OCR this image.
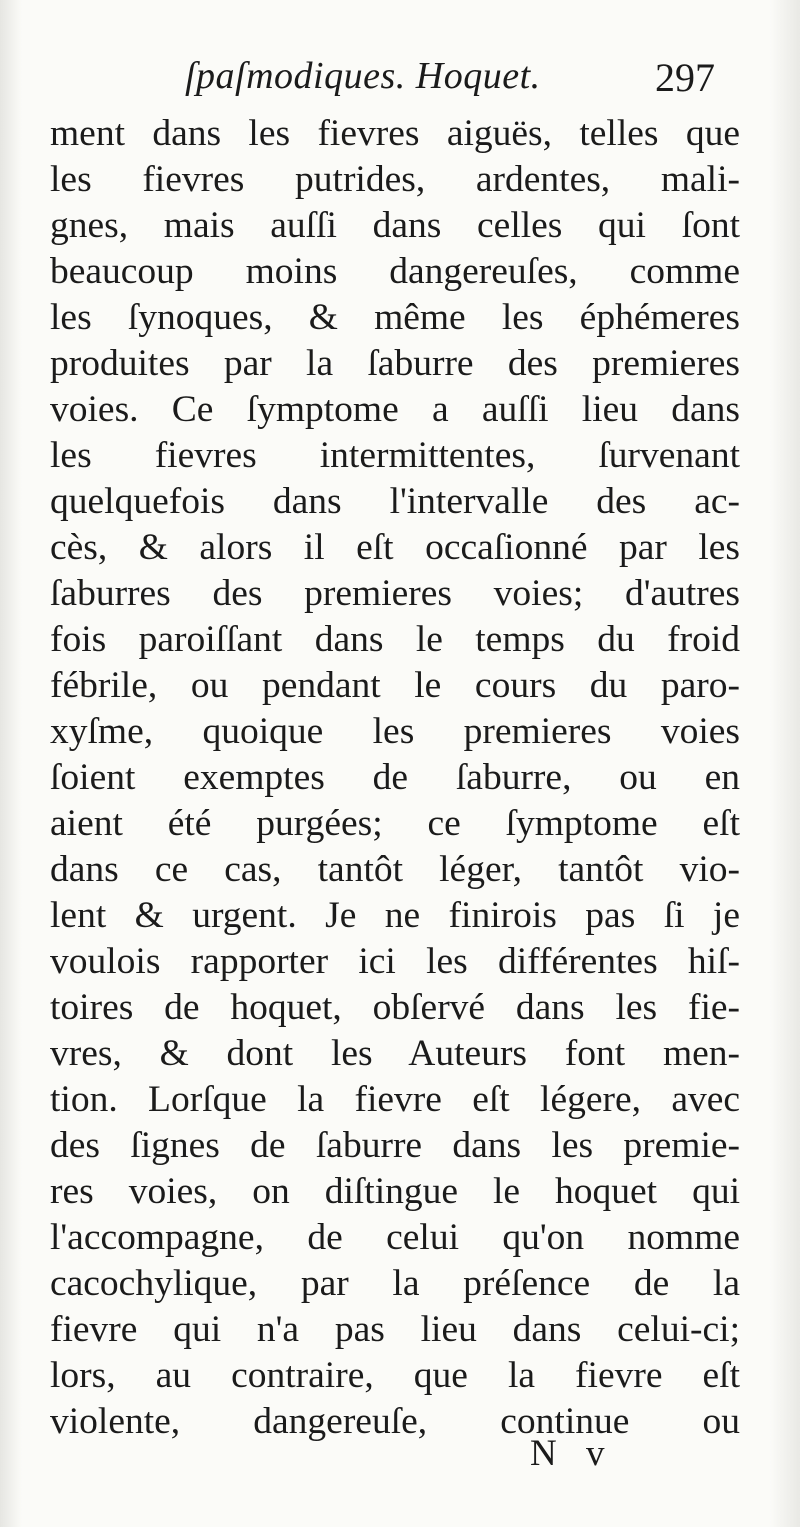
ſpaſmodiques. Hoquet.	297
ment dans les fievres aiguës, telles que
les fievres putrides, ardentes, mali-
gnes, mais auſſi dans celles qui ſont
beaucoup moins dangereuſes, comme
les ſynoques, & même les éphémeres
produites par la ſaburre des premieres
voies. Ce ſymptome a auſſi lieu dans
les fievres intermittentes, ſurvenant
quelquefois dans l'intervalle des ac-
cès, & alors il eſt occaſionné par les
ſaburres des premieres voies; d'autres
fois paroiſſant dans le temps du froid
fébrile, ou pendant le cours du paro-
xyſme, quoique les premieres voies
ſoient exemptes de ſaburre, ou en
aient été purgées; ce ſymptome eſt
dans ce cas, tantôt léger, tantôt vio-
lent & urgent. Je ne finirois pas ſi je
voulois rapporter ici les différentes hiſ-
toires de hoquet, obſervé dans les fie-
vres, & dont les Auteurs font men-
tion. Lorſque la fievre eſt légere, avec
des ſignes de ſaburre dans les premie-
res voies, on diſtingue le hoquet qui
l'accompagne, de celui qu'on nomme
cacochylique, par la préſence de la
fievre qui n'a pas lieu dans celui-ci;
lors, au contraire, que la fievre eſt
violente, dangereuſe, continue ou
N v
